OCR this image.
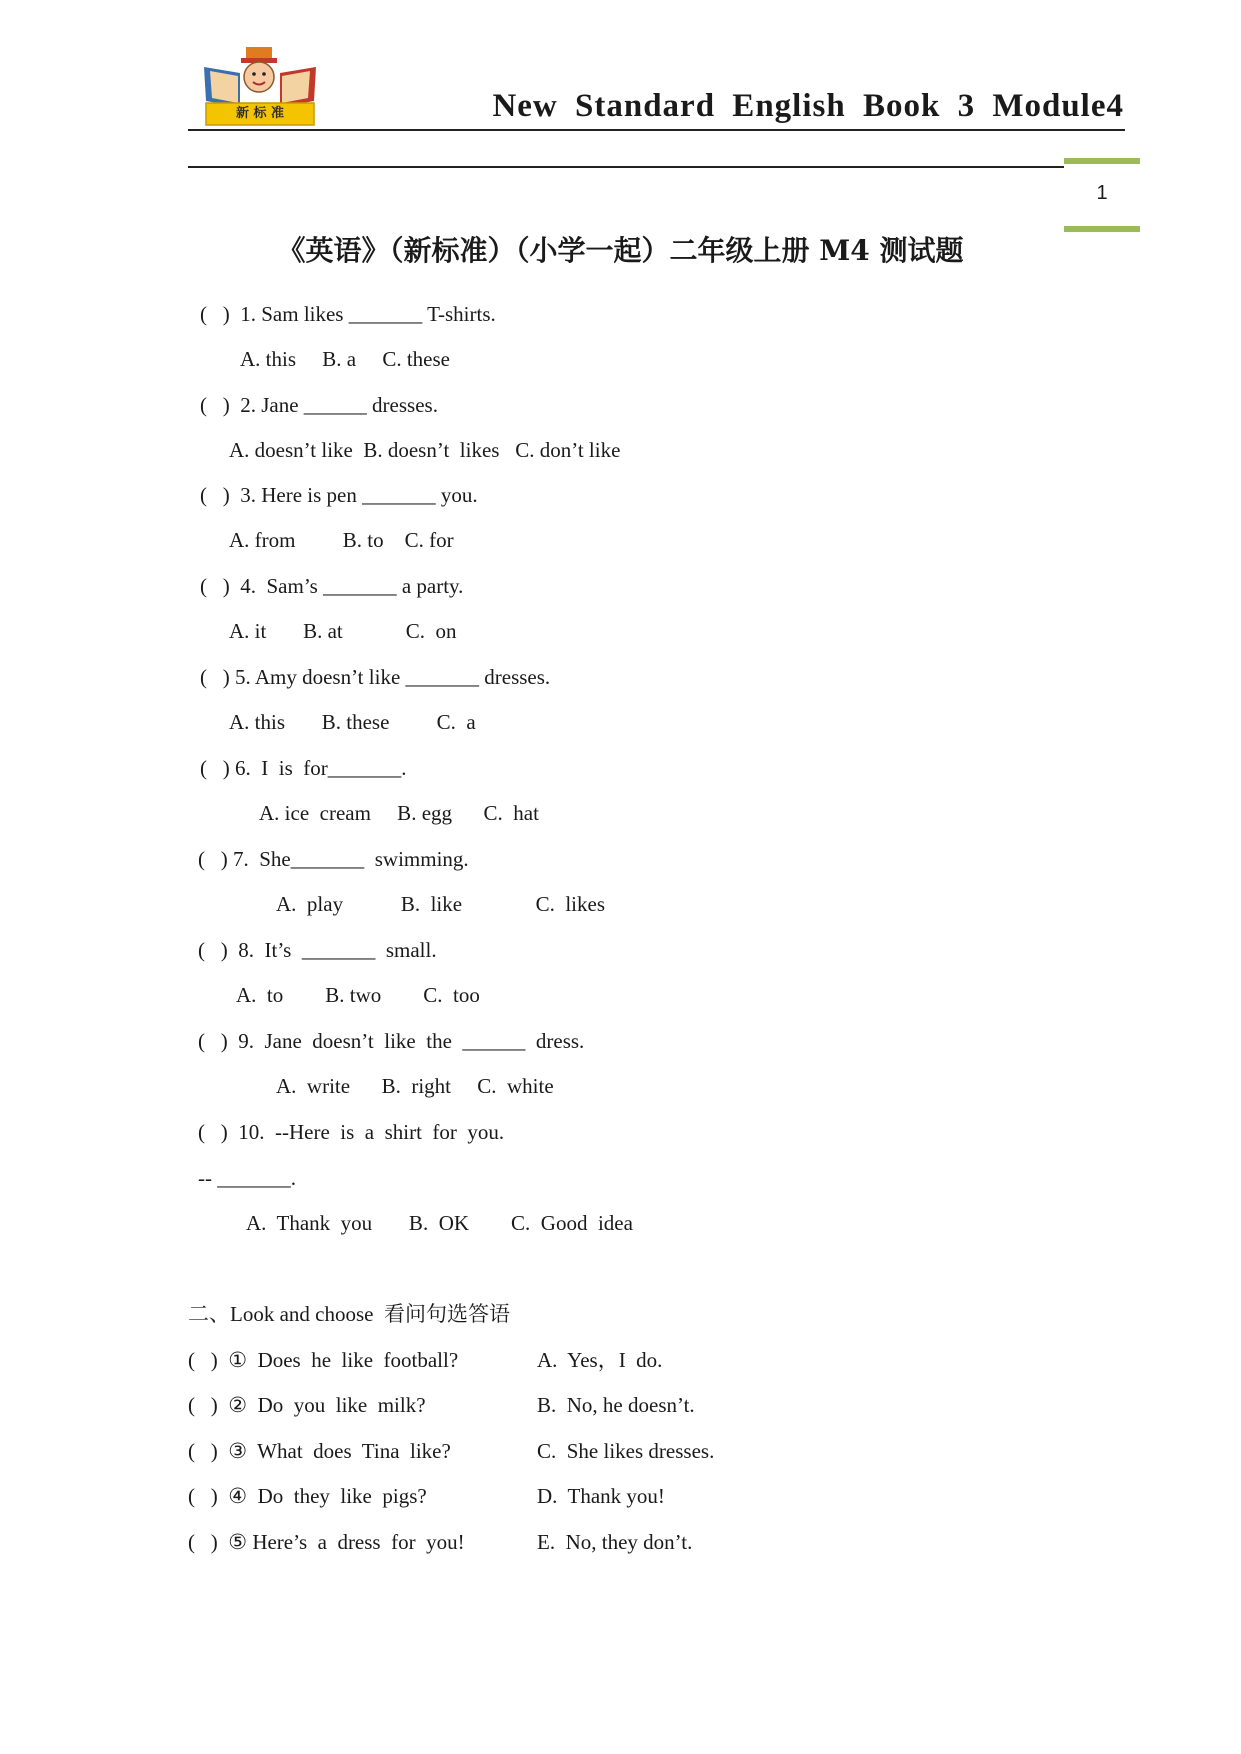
新 标 准	New Standard English Book 3 Module4
1
《英语》（新标准）（小学一起）二年级上册 M4 测试题
(   )  1. Sam likes _______ T-shirts.
A. this     B. a     C. these
(   )  2. Jane ______ dresses.
A. doesn’t like  B. doesn’t  likes   C. don’t like
(   )  3. Here is pen _______ you.
A. from         B. to    C. for
(   )  4.  Sam’s _______ a party.
A. it       B. at            C.  on
(   ) 5. Amy doesn’t like _______ dresses.
A. this       B. these         C.  a
(   ) 6.  I  is  for_______.
A. ice  cream     B. egg      C.  hat
(   ) 7.  She_______  swimming.
A.  play           B.  like              C.  likes
(   )  8.  It’s  _______  small.
A.  to        B. two        C.  too
(   )  9.  Jane  doesn’t  like  the  ______  dress.
A.  write      B.  right     C.  white
(   )  10.  --Here  is  a  shirt  for  you.
-- _______.
A.  Thank  you       B.  OK        C.  Good  idea
二、Look and choose  看问句选答语
(   )  ①  Does  he  like  football?	A.  Yes，I  do.
(   )  ②  Do  you  like  milk?	B.  No, he doesn’t.
(   )  ③  What  does  Tina  like?	C.  She likes dresses.
(   )  ④  Do  they  like  pigs?	D.  Thank you!
(   )  ⑤ Here’s  a  dress  for  you!	E.  No, they don’t.
